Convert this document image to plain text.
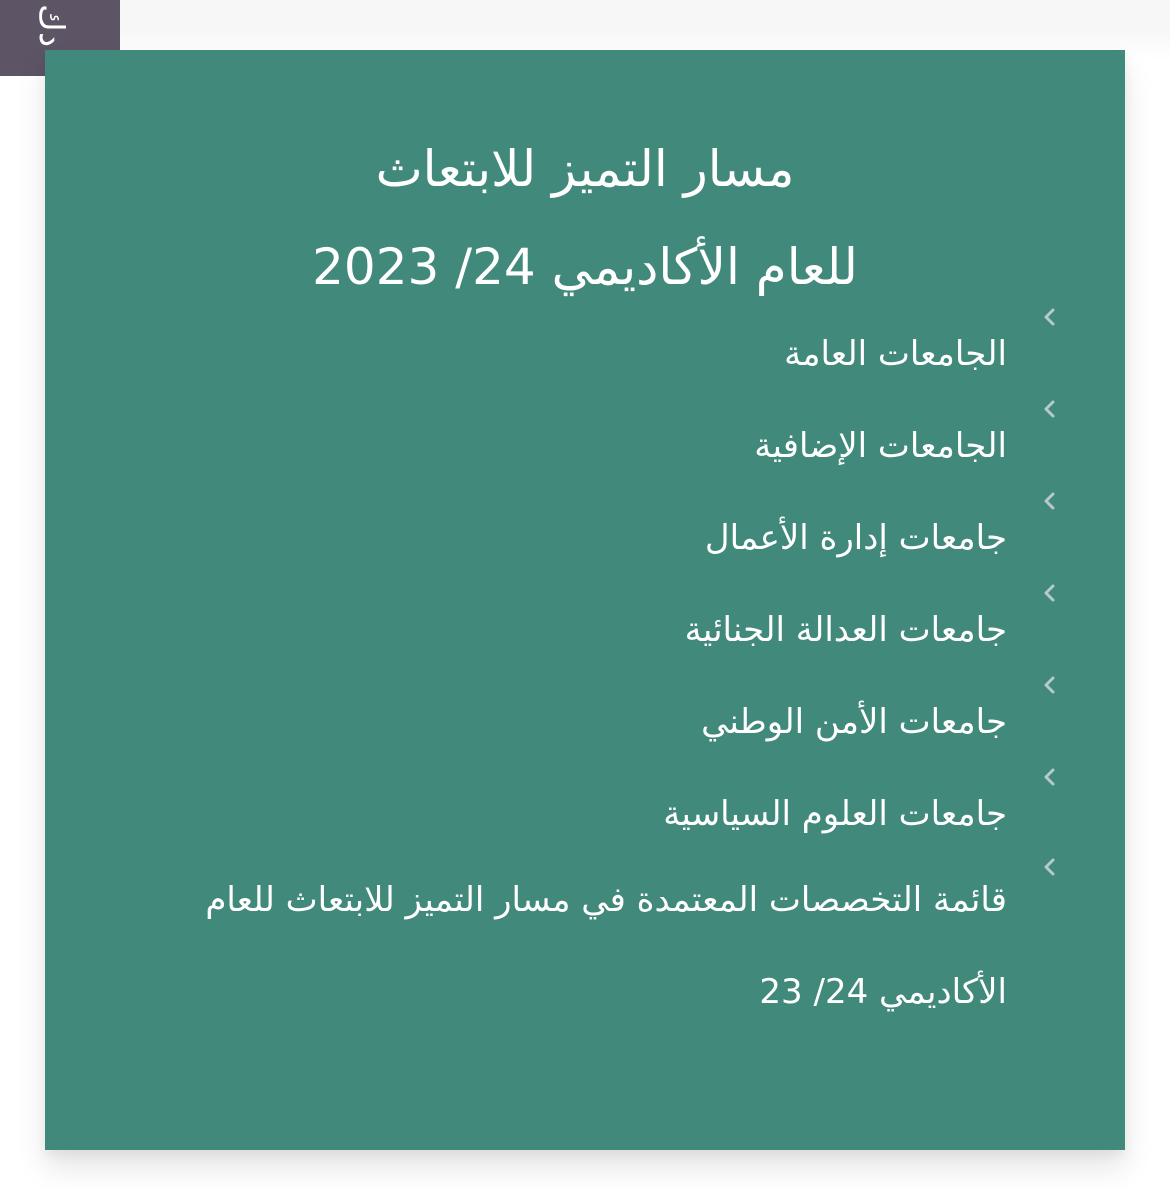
دك
مسار التميز للابتعاث
للعام الأكاديمي 24/ 2023
الجامعات العامة
الجامعات الإضافية
جامعات إدارة الأعمال
جامعات العدالة الجنائية
جامعات الأمن الوطني
جامعات العلوم السياسية
قائمة التخصصات المعتمدة في مسار التميز للابتعاث للعام الأكاديمي 24/ 23
